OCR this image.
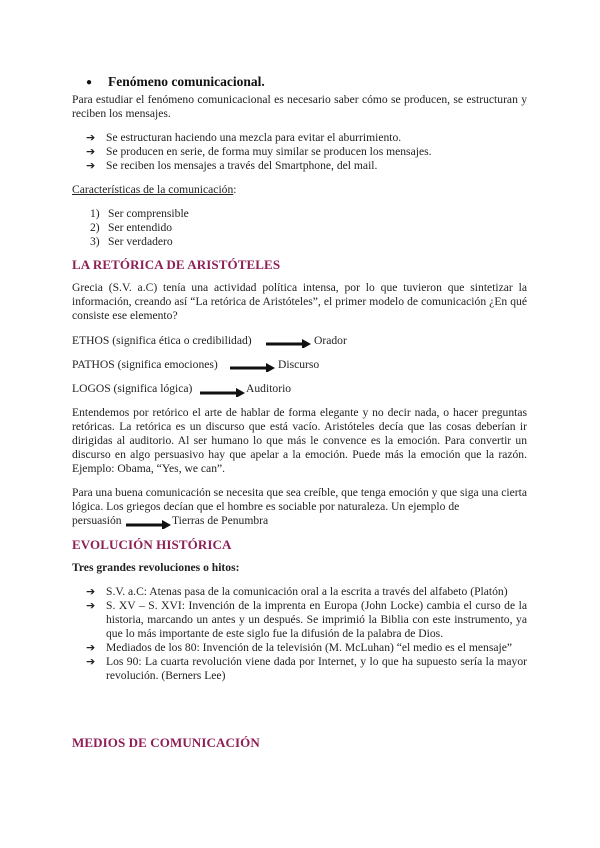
● Fenómeno comunicacional.
Para estudiar el fenómeno comunicacional es necesario saber cómo se producen, se estructuran y reciben los mensajes.
➔ Se estructuran haciendo una mezcla para evitar el aburrimiento.
➔ Se producen en serie, de forma muy similar se producen los mensajes.
➔ Se reciben los mensajes a través del Smartphone, del mail.
Características de la comunicación:
1) Ser comprensible
2) Ser entendido
3) Ser verdadero
LA RETÓRICA DE ARISTÓTELES
Grecia (S.V. a.C) tenía una actividad política intensa, por lo que tuvieron que sintetizar la información, creando así “La retórica de Aristóteles”, el primer modelo de comunicación ¿En qué consiste ese elemento?
ETHOS (significa ética o credibilidad)	Orador
PATHOS (significa emociones)	Discurso
LOGOS (significa lógica)	Auditorio
Entendemos por retórico el arte de hablar de forma elegante y no decir nada, o hacer preguntas retóricas. La retórica es un discurso que está vacío. Aristóteles decía que las cosas deberían ir dirigidas al auditorio. Al ser humano lo que más le convence es la emoción. Para convertir un discurso en algo persuasivo hay que apelar a la emoción. Puede más la emoción que la razón. Ejemplo: Obama, “Yes, we can”.
Para una buena comunicación se necesita que sea creíble, que tenga emoción y que siga una cierta lógica. Los griegos decían que el hombre es sociable por naturaleza. Un ejemplo de
persuasión	Tierras de Penumbra
EVOLUCIÓN HISTÓRICA
Tres grandes revoluciones o hitos:
➔ S.V. a.C: Atenas pasa de la comunicación oral a la escrita a través del alfabeto (Platón)
➔ S. XV – S. XVI: Invención de la imprenta en Europa (John Locke) cambia el curso de la historia, marcando un antes y un después. Se imprimió la Biblia con este instrumento, ya que lo más importante de este siglo fue la difusión de la palabra de Dios.
➔ Mediados de los 80: Invención de la televisión (M. McLuhan) “el medio es el mensaje”
➔ Los 90: La cuarta revolución viene dada por Internet, y lo que ha supuesto sería la mayor revolución. (Berners Lee)
MEDIOS DE COMUNICACIÓN
